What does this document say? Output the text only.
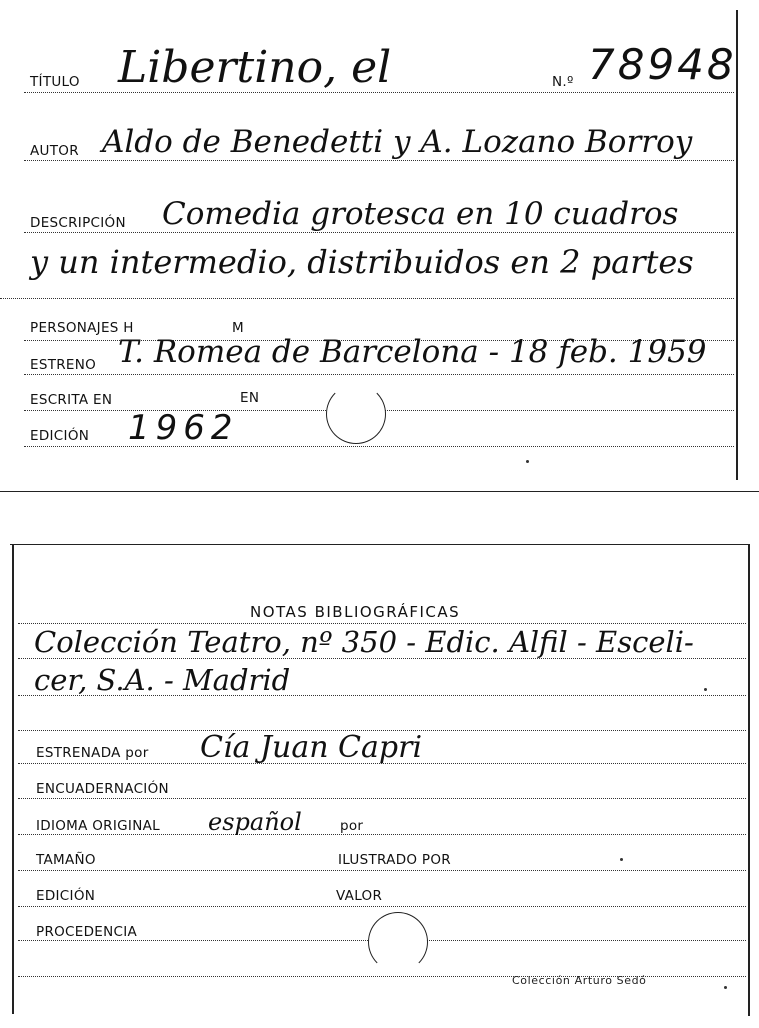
TÍTULO Libertino, el	N.º 78948
AUTOR Aldo de Benedetti y A. Lozano Borroy
DESCRIPCIÓN Comedia grotesca en 10 cuadros
y un intermedio, distribuidos en 2 partes
PERSONAJES H	M
ESTRENO T. Romea de Barcelona - 18 feb. 1959
ESCRITA EN	EN
EDICIÓN 1962
NOTAS BIBLIOGRÁFICAS
Colección Teatro, nº 350 - Edic. Alfil - Esceli-
cer, S.A. - Madrid
ESTRENADA por Cía Juan Capri
ENCUADERNACIÓN
IDIOMA ORIGINAL español	por
TAMAÑO	ILUSTRADO POR
EDICIÓN	VALOR
PROCEDENCIA
Colección Arturo Sedó
